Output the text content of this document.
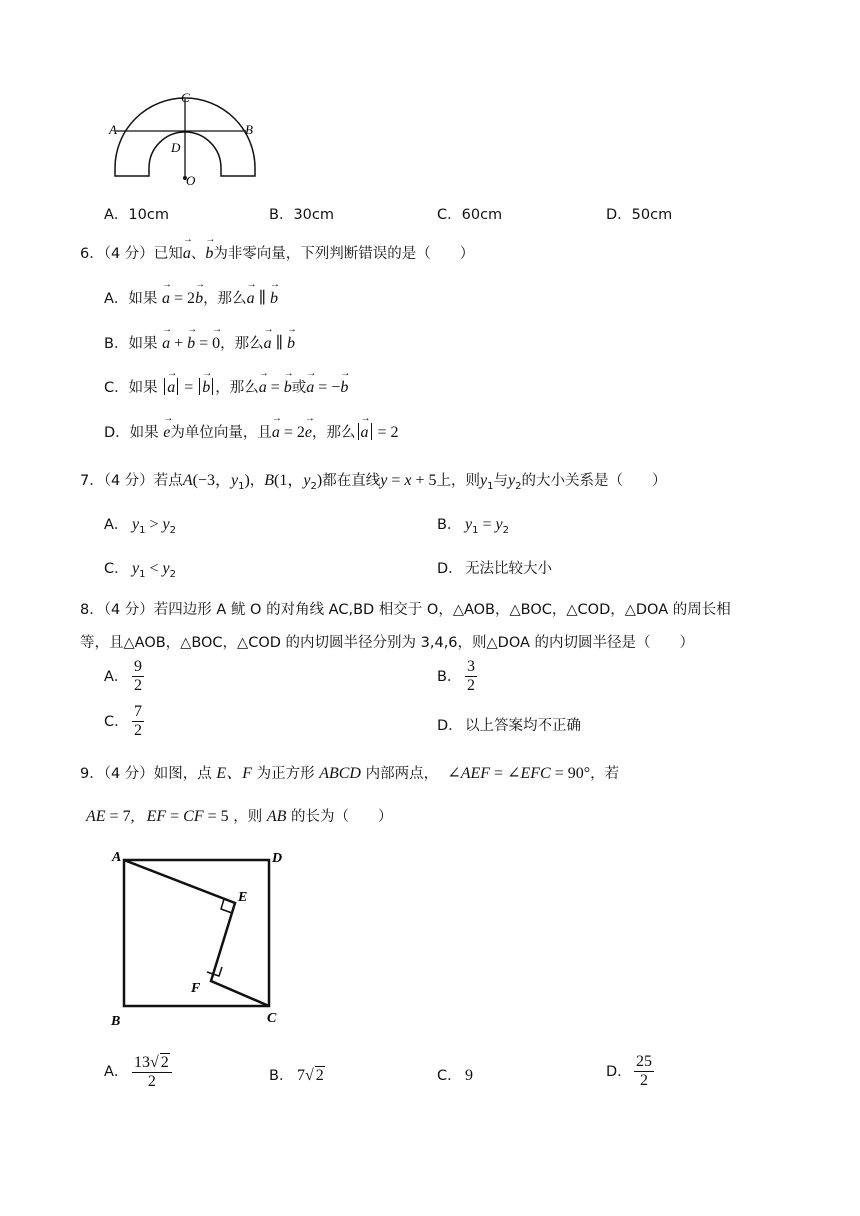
C
A	B
D
O
A．10cm	B．30cm	C．60cm	D．50cm
6．（4 分）已知→ a、→ b为非零向量，下列判断错误的是（　　）
A．如果 → a = 2→ b，那么→ a ∥ → b
B．如果 → a + → b = → 0，那么→ a ∥ → b
C．如果 → a = → b ，那么→ a = → b或→ a = −→ b
D．如果 → e为单位向量，且→ a = 2→ e，那么 → a = 2
7．（4 分）若点A(−3，$y_1$)，B(1，$y_2$)都在直线y = x + 5上，则$y_1$与$y_2$的大小关系是（　　）
A． $y_1 > y_2$	B． $y_1 = y_2$
C． $y_1 < y_2$	D． 无法比较大小
8．（4 分）若四边形 A 鱿 O 的对角线 AC,BD 相交于 O，△AOB，△BOC，△COD，△DOA 的周长相
等，且△AOB，△BOC，△COD 的内切圆半径分别为 3,4,6，则△DOA 的内切圆半径是（　　）
A． $\frac{9}{2}$	B． $\frac{3}{2}$
C． $\frac{7}{2}$	D． 以上答案均不正确
9．（4 分）如图，点 E、F 为正方形 ABCD 内部两点， ∠AEF = ∠EFC = 90°，若
AE = 7,   EF = CF = 5 ，则 AB 的长为（　　）
A	D
E
F
B	C
A． $\frac{13√ 2}{2}$	B． 7√ 2	C． 9	D． $\frac{25}{2}$
